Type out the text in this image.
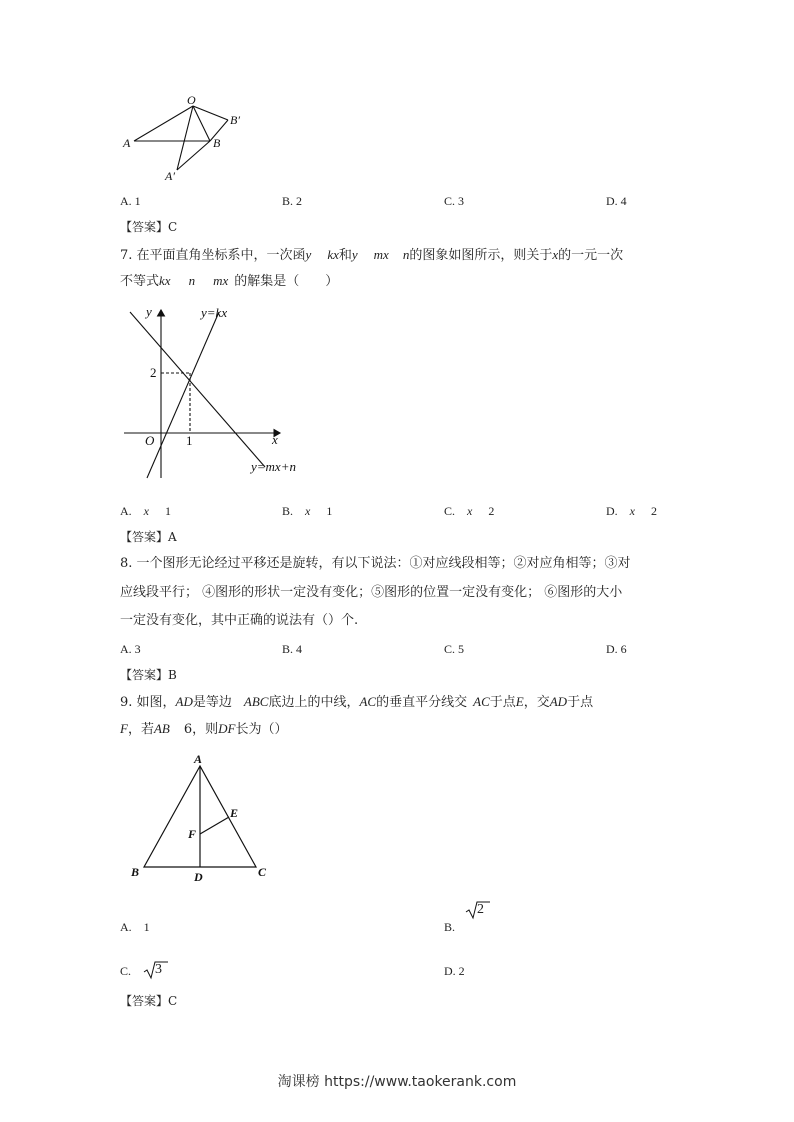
O
B′
A	B
A′
A. 1	B. 2	C. 3	D. 4
【答案】C
7. 在平面直角坐标系中，一次函y kx和y mx n的图象如图所示，则关于x的一元一次
不等式kx n mx 的解集是（　　）
y
x
O 1
2
y=kx
y=mx+n
A. x 1	B. x 1	C. x 2	D. x 2
【答案】A
8. 一个图形无论经过平移还是旋转，有以下说法：①对应线段相等；②对应角相等；③对
应线段平行； ④图形的形状一定没有变化；⑤图形的位置一定没有变化； ⑥图形的大小
一定没有变化，其中正确的说法有（）个.
A. 3	B. 4	C. 5	D. 6
【答案】B
9. 如图，AD是等边 ABC底边上的中线，AC的垂直平分线交 AC于点E，交AD于点
F，若AB 6，则DF长为（）
A
E
F
B	D	C
A. 1	B.
2
C. 3	D. 2
【答案】C
淘课榜 https://www.taokerank.com
